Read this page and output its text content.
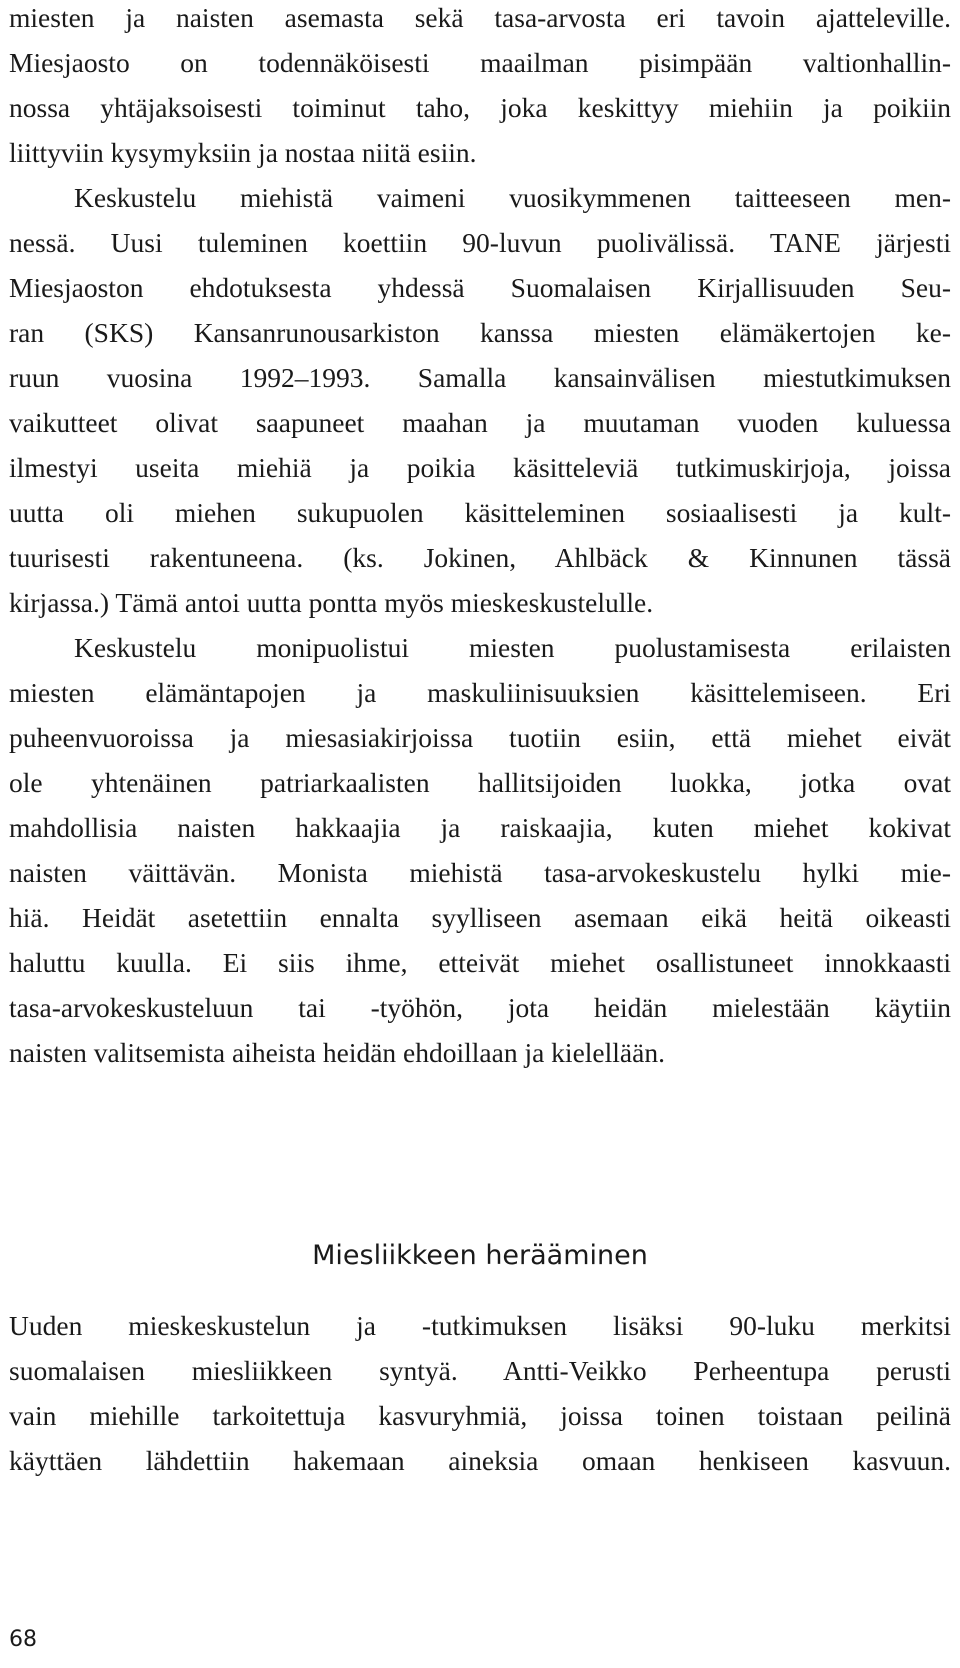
miesten ja naisten asemasta sekä tasa-arvosta eri tavoin ajatteleville.
Miesjaosto on todennäköisesti maailman pisimpään valtionhallin-
nossa yhtäjaksoisesti toiminut taho, joka keskittyy miehiin ja poikiin
liittyviin kysymyksiin ja nostaa niitä esiin.
Keskustelu miehistä vaimeni vuosikymmenen taitteeseen men-
nessä. Uusi tuleminen koettiin 90-luvun puolivälissä. TANE järjesti
Miesjaoston ehdotuksesta yhdessä Suomalaisen Kirjallisuuden Seu-
ran (SKS) Kansanrunousarkiston kanssa miesten elämäkertojen ke-
ruun vuosina 1992–1993. Samalla kansainvälisen miestutkimuksen
vaikutteet olivat saapuneet maahan ja muutaman vuoden kuluessa
ilmestyi useita miehiä ja poikia käsitteleviä tutkimuskirjoja, joissa
uutta oli miehen sukupuolen käsitteleminen sosiaalisesti ja kult-
tuurisesti rakentuneena. (ks. Jokinen, Ahlbäck & Kinnunen tässä
kirjassa.) Tämä antoi uutta pontta myös mieskeskustelulle.
Keskustelu monipuolistui miesten puolustamisesta erilaisten
miesten elämäntapojen ja maskuliinisuuksien käsittelemiseen. Eri
puheenvuoroissa ja miesasiakirjoissa tuotiin esiin, että miehet eivät
ole yhtenäinen patriarkaalisten hallitsijoiden luokka, jotka ovat
mahdollisia naisten hakkaajia ja raiskaajia, kuten miehet kokivat
naisten väittävän. Monista miehistä tasa-arvokeskustelu hylki mie-
hiä. Heidät asetettiin ennalta syylliseen asemaan eikä heitä oikeasti
haluttu kuulla. Ei siis ihme, etteivät miehet osallistuneet innokkaasti
tasa-arvokeskusteluun tai -työhön, jota heidän mielestään käytiin
naisten valitsemista aiheista heidän ehdoillaan ja kielellään.
Miesliikkeen herääminen
Uuden mieskeskustelun ja -tutkimuksen lisäksi 90-luku merkitsi
suomalaisen miesliikkeen syntyä. Antti-Veikko Perheentupa perusti
vain miehille tarkoitettuja kasvuryhmiä, joissa toinen toistaan peilinä
käyttäen lähdettiin hakemaan aineksia omaan henkiseen kasvuun.
68
